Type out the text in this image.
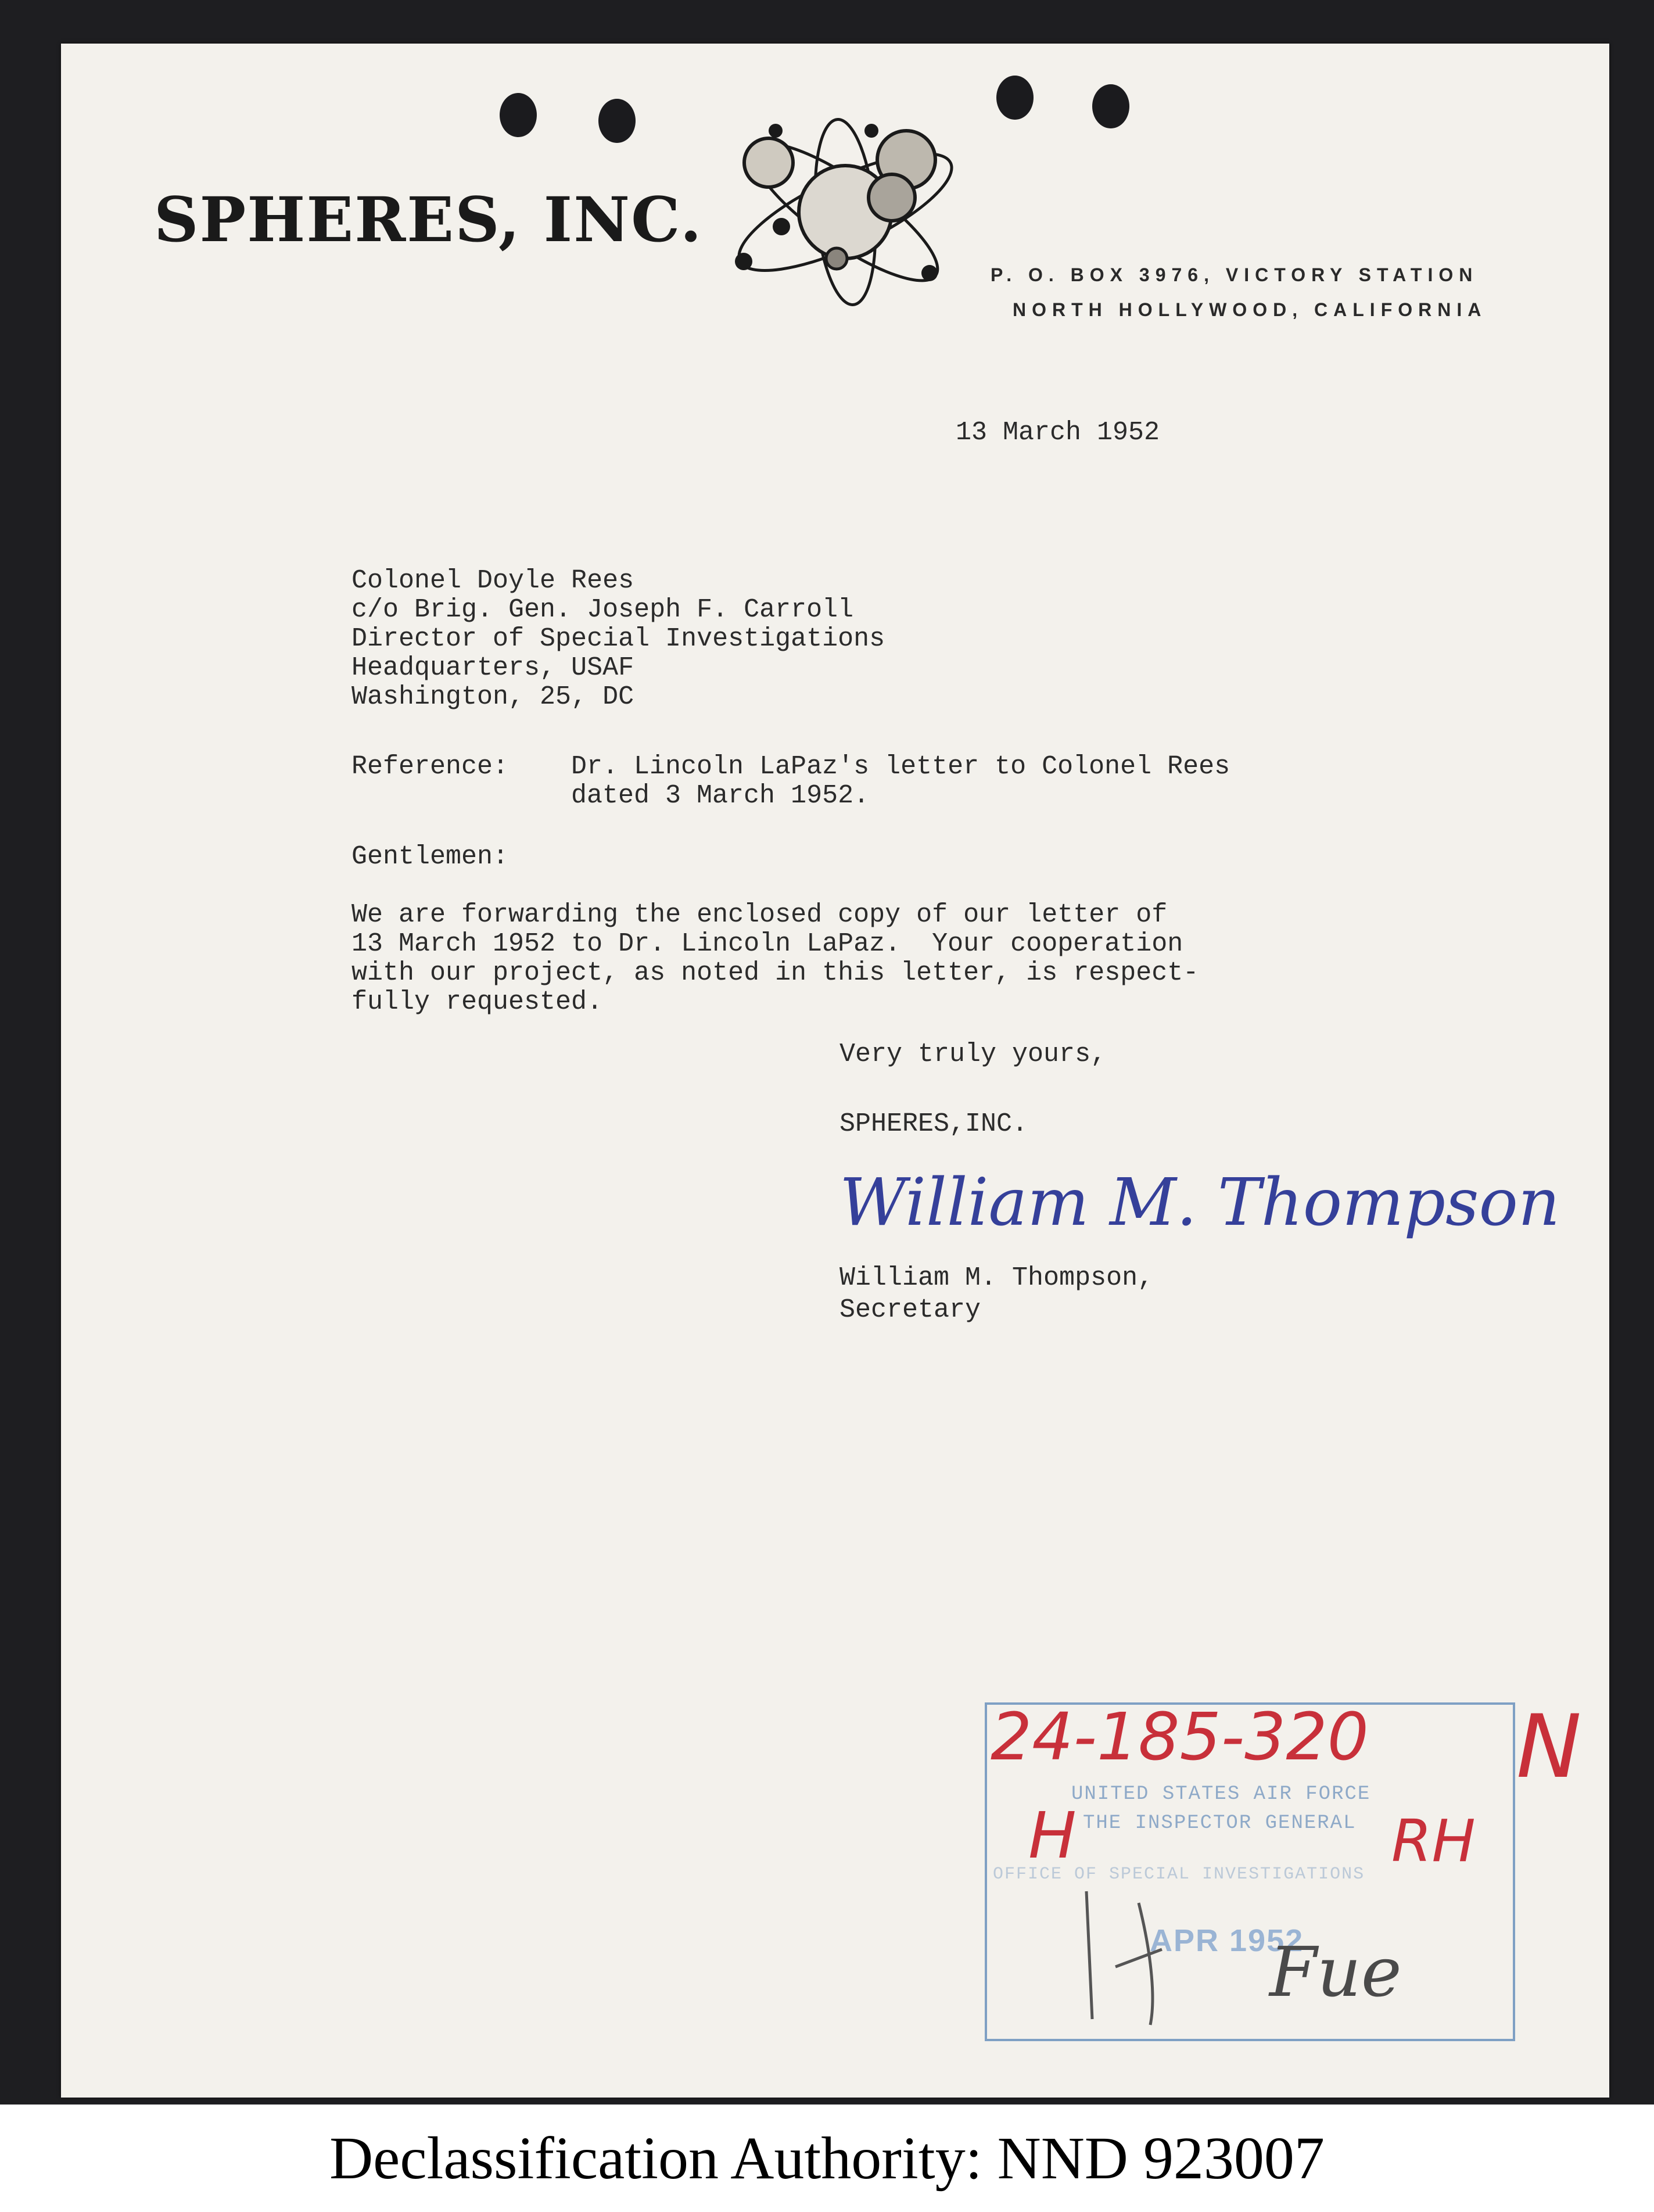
SPHERES, INC.
P. O. BOX 3976, VICTORY STATION
NORTH HOLLYWOOD, CALIFORNIA
13 March 1952
Colonel Doyle Rees
c/o Brig. Gen. Joseph F. Carroll
Director of Special Investigations
Headquarters, USAF
Washington, 25, DC
Reference: Dr. Lincoln LaPaz's letter to Colonel Rees
dated 3 March 1952.
Gentlemen:
We are forwarding the enclosed copy of our letter of
13 March 1952 to Dr. Lincoln LaPaz.  Your cooperation
with our project, as noted in this letter, is respect-
fully requested.
Very truly yours,
SPHERES,INC.
William M. Thompson
William M. Thompson,
Secretary
UNITED STATES AIR FORCE
THE INSPECTOR GENERAL
OFFICE OF SPECIAL INVESTIGATIONS
APR 1952
24-185-320 N
H	RH
Fue
Declassification Authority: NND 923007
